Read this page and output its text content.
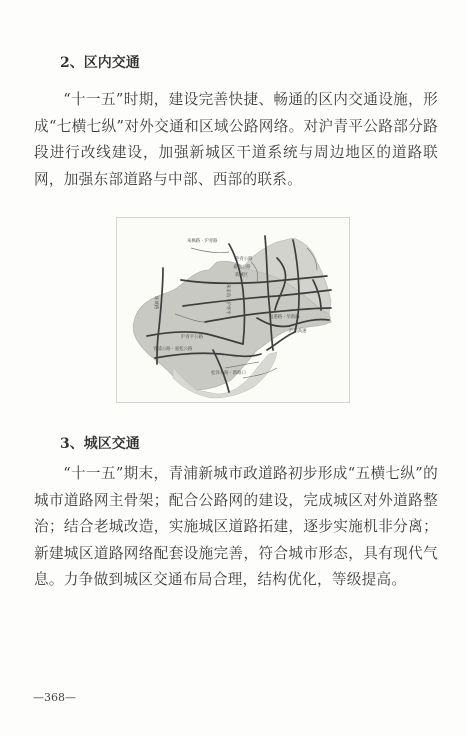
2、区内交通

“十一五”时期，建设完善快捷、畅通的区内交通设施，形成“七横七纵”对外交通和区域公路网络。对沪青平公路部分路段进行改线建设，加强新城区干道系统与周边地区的道路联网，加强东部道路与中部、西部的联系。

朱枫路 · 沪青路
外青公路
嘉松公路
新城区
朱家角 · 沪青平
环城路
沪青平公路
青浦公路 · 嘉松公路
盈港路 · 华新路
沪渝高速
松泽公路 · 新路口
3、城区交通

“十一五”期末，青浦新城市政道路初步形成“五横七纵”的城市道路网主骨架；配合公路网的建设，完成城区对外道路整治；结合老城改造，实施城区道路拓建，逐步实施机非分离；新建城区道路网络配套设施完善，符合城市形态，具有现代气息。力争做到城区交通布局合理，结构优化，等级提高。

—368—
